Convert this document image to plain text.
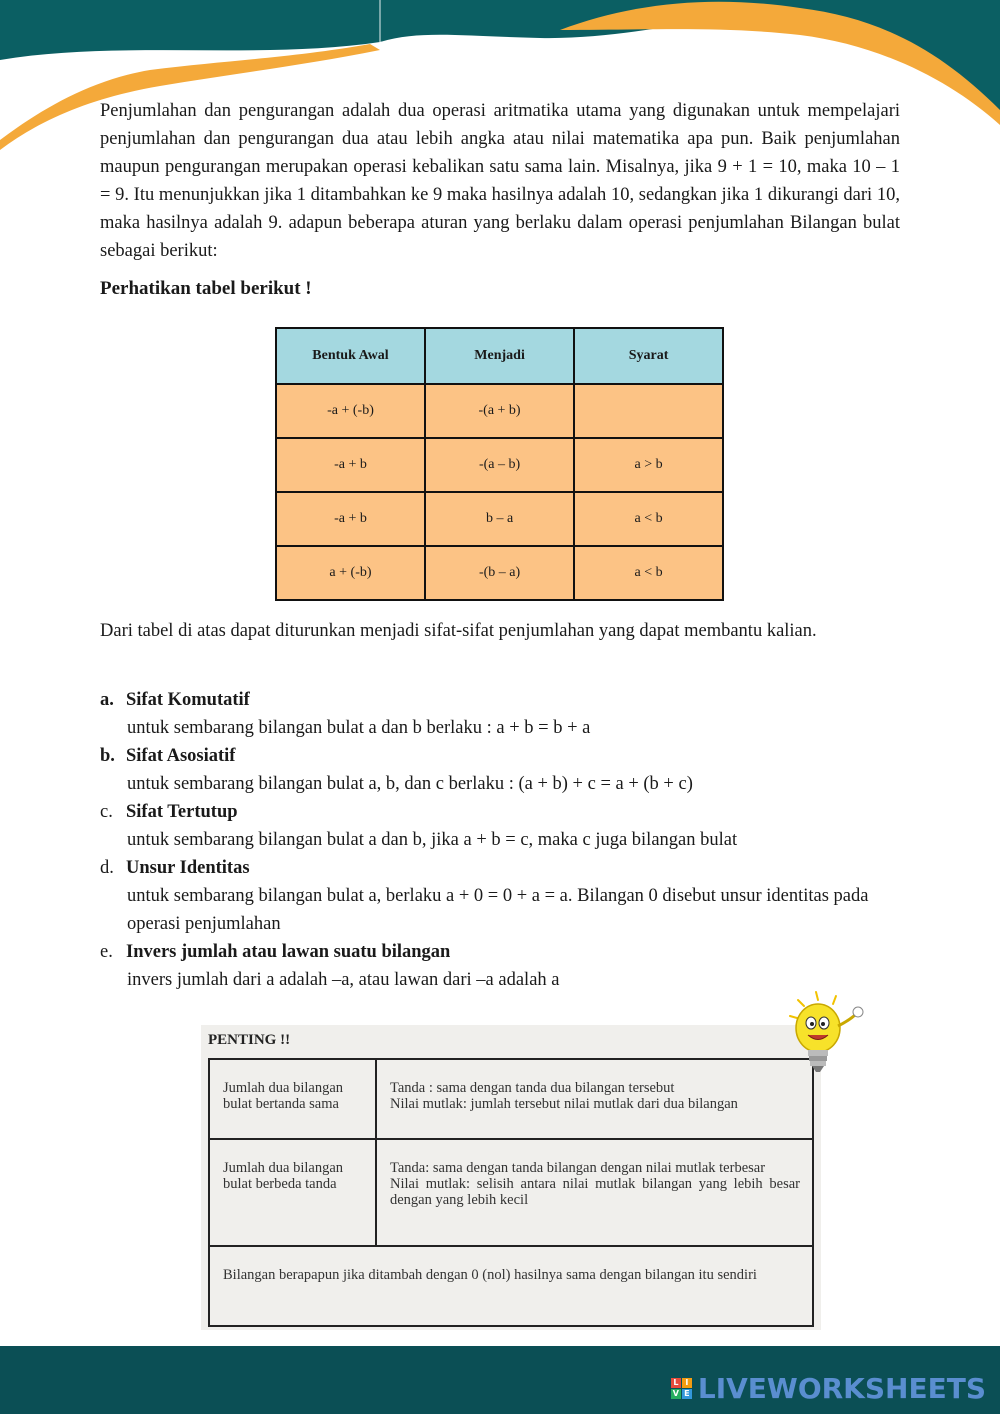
Penjumlahan dan pengurangan adalah dua operasi aritmatika utama yang digunakan untuk mempelajari penjumlahan dan pengurangan dua atau lebih angka atau nilai matematika apa pun. Baik penjumlahan maupun pengurangan merupakan operasi kebalikan satu sama lain. Misalnya, jika 9 + 1 = 10, maka 10 – 1 = 9. Itu menunjukkan jika 1 ditambahkan ke 9 maka hasilnya adalah 10, sedangkan jika 1 dikurangi dari 10, maka hasilnya adalah 9. adapun beberapa aturan yang berlaku dalam operasi penjumlahan Bilangan bulat sebagai berikut:

Perhatikan tabel berikut !

Bentuk Awal	Menjadi	Syarat
-a + (-b)	-(a + b)	
-a + b	-(a – b)	a > b
-a + b	b – a	a < b
a + (-b)	-(b – a)	a < b

Dari tabel di atas dapat diturunkan menjadi sifat-sifat penjumlahan yang dapat membantu kalian.

a. Sifat Komutatif
untuk sembarang bilangan bulat a dan b berlaku : a + b = b + a
b. Sifat Asosiatif
untuk sembarang bilangan bulat a, b, dan c berlaku : (a + b) + c = a + (b + c)
c. Sifat Tertutup
untuk sembarang bilangan bulat a dan b, jika a + b = c, maka c juga bilangan bulat
d. Unsur Identitas
untuk sembarang bilangan bulat a, berlaku a + 0 = 0 + a = a. Bilangan 0 disebut unsur identitas pada operasi penjumlahan
e. Invers jumlah atau lawan suatu bilangan
invers jumlah dari a adalah –a, atau lawan dari –a adalah a
PENTING !!
Jumlah dua bilangan bulat bertanda sama	Tanda : sama dengan tanda dua bilangan tersebut
Nilai mutlak: jumlah tersebut nilai mutlak dari dua bilangan

Jumlah dua bilangan bulat berbeda tanda	Tanda: sama dengan tanda bilangan dengan nilai mutlak terbesar
Nilai mutlak: selisih antara nilai mutlak bilangan yang lebih besar dengan yang lebih kecil

Bilangan berapapun jika ditambah dengan 0 (nol) hasilnya sama dengan bilangan itu sendiri	
L I
V E LIVEWORKSHEETS
